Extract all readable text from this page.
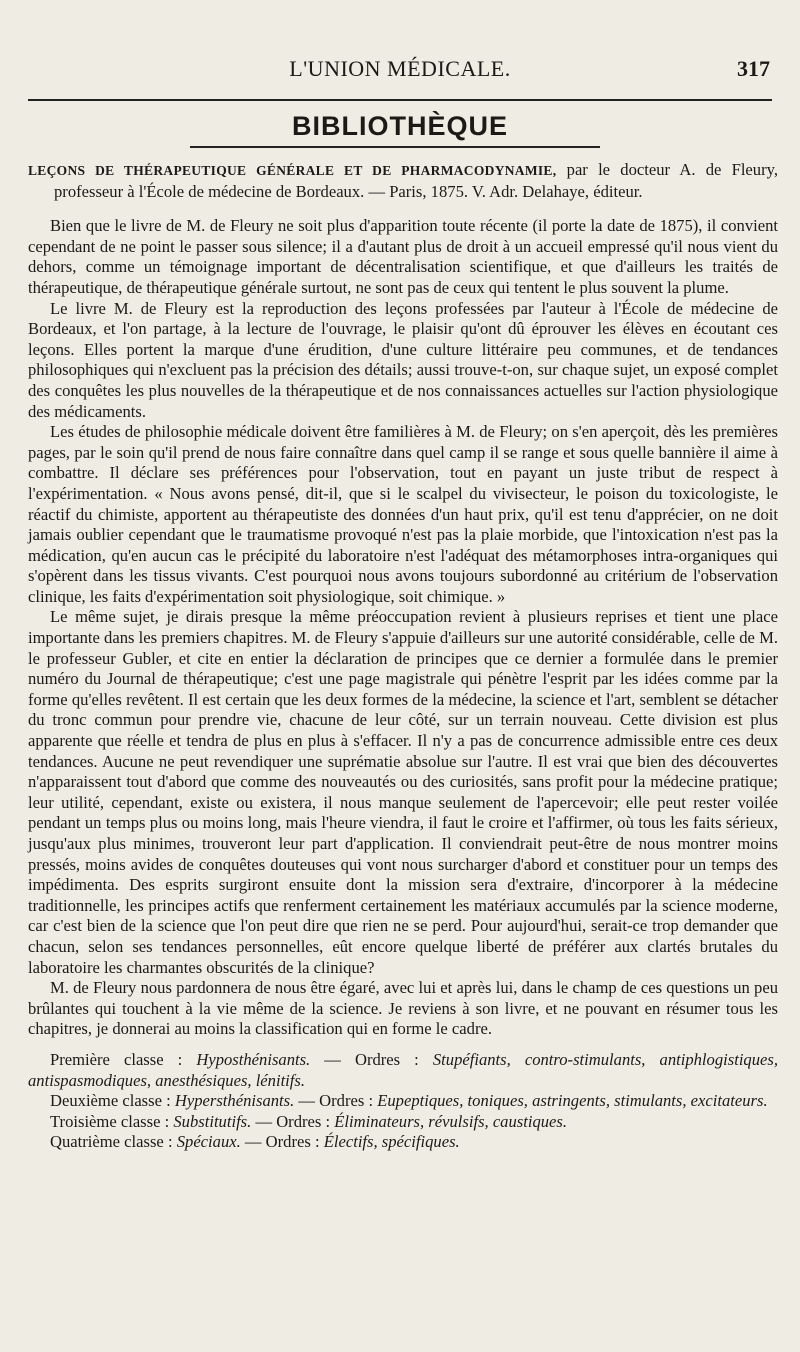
L'UNION MÉDICALE.	317
BIBLIOTHÈQUE

LEÇONS DE THÉRAPEUTIQUE GÉNÉRALE ET DE PHARMACODYNAMIE, par le docteur A. de Fleury, professeur à l'École de médecine de Bordeaux. — Paris, 1875. V. Adr. Delahaye, éditeur.

Bien que le livre de M. de Fleury ne soit plus d'apparition toute récente (il porte la date de 1875), il convient cependant de ne point le passer sous silence; il a d'autant plus de droit à un accueil empressé qu'il nous vient du dehors, comme un témoignage important de décentralisation scientifique, et que d'ailleurs les traités de thérapeutique, de thérapeutique générale surtout, ne sont pas de ceux qui tentent le plus souvent la plume.

Le livre M. de Fleury est la reproduction des leçons professées par l'auteur à l'École de médecine de Bordeaux, et l'on partage, à la lecture de l'ouvrage, le plaisir qu'ont dû éprouver les élèves en écoutant ces leçons. Elles portent la marque d'une érudition, d'une culture littéraire peu communes, et de tendances philosophiques qui n'excluent pas la précision des détails; aussi trouve-t-on, sur chaque sujet, un exposé complet des conquêtes les plus nouvelles de la thérapeutique et de nos connaissances actuelles sur l'action physiologique des médicaments.

Les études de philosophie médicale doivent être familières à M. de Fleury; on s'en aperçoit, dès les premières pages, par le soin qu'il prend de nous faire connaître dans quel camp il se range et sous quelle bannière il aime à combattre. Il déclare ses préférences pour l'observation, tout en payant un juste tribut de respect à l'expérimentation. « Nous avons pensé, dit-il, que si le scalpel du vivisecteur, le poison du toxicologiste, le réactif du chimiste, apportent au thérapeutiste des données d'un haut prix, qu'il est tenu d'apprécier, on ne doit jamais oublier cependant que le traumatisme provoqué n'est pas la plaie morbide, que l'intoxication n'est pas la médication, qu'en aucun cas le précipité du laboratoire n'est l'adéquat des métamorphoses intra-organiques qui s'opèrent dans les tissus vivants. C'est pourquoi nous avons toujours subordonné au critérium de l'observation clinique, les faits d'expérimentation soit physiologique, soit chimique. »

Le même sujet, je dirais presque la même préoccupation revient à plusieurs reprises et tient une place importante dans les premiers chapitres. M. de Fleury s'appuie d'ailleurs sur une autorité considérable, celle de M. le professeur Gubler, et cite en entier la déclaration de principes que ce dernier a formulée dans le premier numéro du Journal de thérapeutique; c'est une page magistrale qui pénètre l'esprit par les idées comme par la forme qu'elles revêtent. Il est certain que les deux formes de la médecine, la science et l'art, semblent se détacher du tronc commun pour prendre vie, chacune de leur côté, sur un terrain nouveau. Cette division est plus apparente que réelle et tendra de plus en plus à s'effacer. Il n'y a pas de concurrence admissible entre ces deux tendances. Aucune ne peut revendiquer une suprématie absolue sur l'autre. Il est vrai que bien des découvertes n'apparaissent tout d'abord que comme des nouveautés ou des curiosités, sans profit pour la médecine pratique; leur utilité, cependant, existe ou existera, il nous manque seulement de l'apercevoir; elle peut rester voilée pendant un temps plus ou moins long, mais l'heure viendra, il faut le croire et l'affirmer, où tous les faits sérieux, jusqu'aux plus minimes, trouveront leur part d'application. Il conviendrait peut-être de nous montrer moins pressés, moins avides de conquêtes douteuses qui vont nous surcharger d'abord et constituer pour un temps des impédimenta. Des esprits surgiront ensuite dont la mission sera d'extraire, d'incorporer à la médecine traditionnelle, les principes actifs que renferment certainement les matériaux accumulés par la science moderne, car c'est bien de la science que l'on peut dire que rien ne se perd. Pour aujourd'hui, serait-ce trop demander que chacun, selon ses tendances personnelles, eût encore quelque liberté de préférer aux clartés brutales du laboratoire les charmantes obscurités de la clinique?

M. de Fleury nous pardonnera de nous être égaré, avec lui et après lui, dans le champ de ces questions un peu brûlantes qui touchent à la vie même de la science. Je reviens à son livre, et ne pouvant en résumer tous les chapitres, je donnerai au moins la classification qui en forme le cadre.

Première classe : Hyposthénisants. — Ordres : Stupéfiants, contro-stimulants, antiphlogistiques, antispasmodiques, anesthésiques, lénitifs.

Deuxième classe : Hypersthénisants. — Ordres : Eupeptiques, toniques, astringents, stimulants, excitateurs.

Troisième classe : Substitutifs. — Ordres : Éliminateurs, révulsifs, caustiques.

Quatrième classe : Spéciaux. — Ordres : Électifs, spécifiques.
